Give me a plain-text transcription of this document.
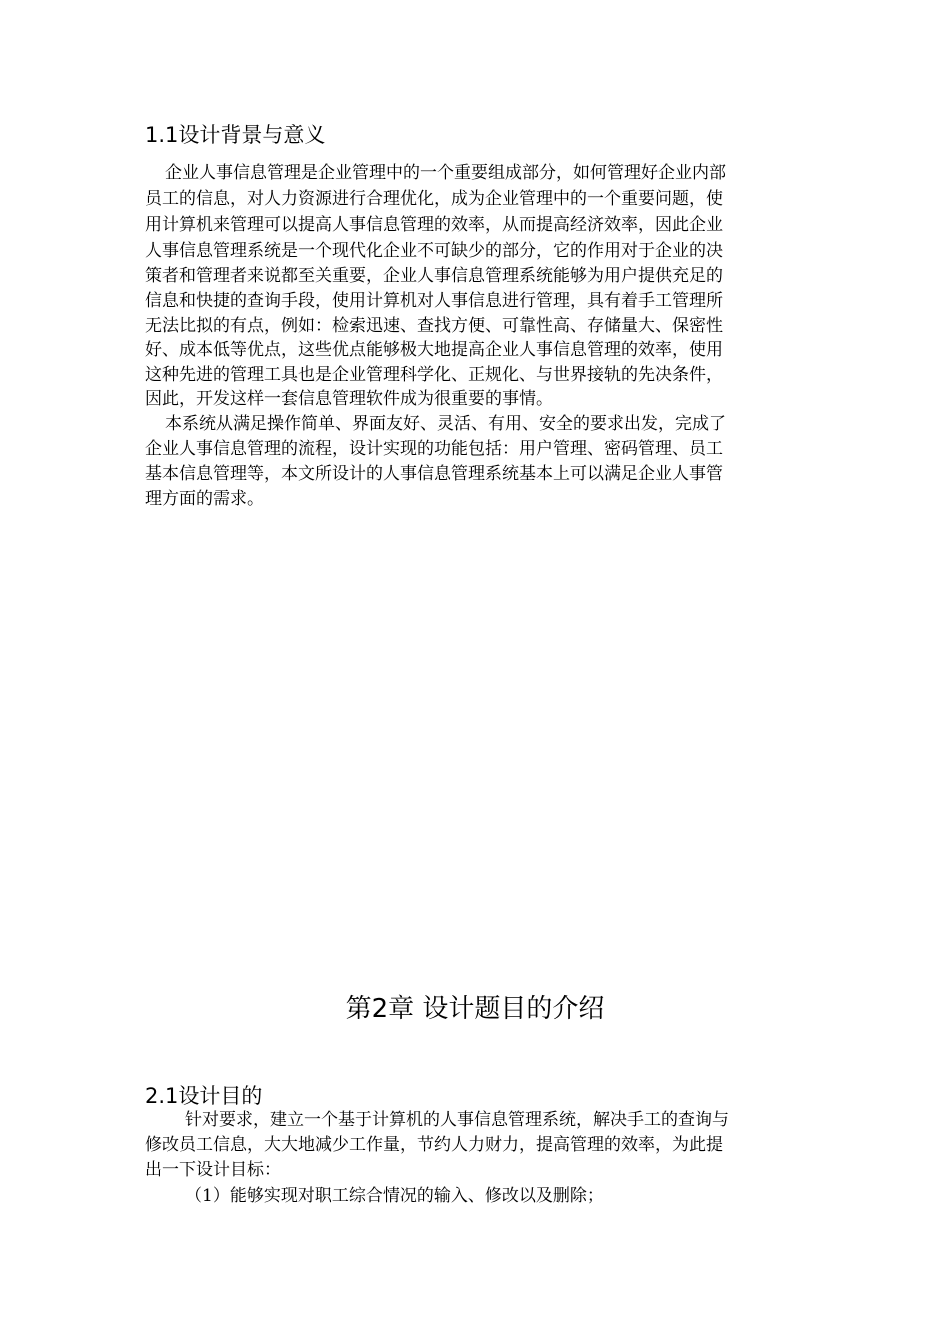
1.1设计背景与意义
企业人事信息管理是企业管理中的一个重要组成部分，如何管理好企业内部
员工的信息，对人力资源进行合理优化，成为企业管理中的一个重要问题，使
用计算机来管理可以提高人事信息管理的效率，从而提高经济效率，因此企业
人事信息管理系统是一个现代化企业不可缺少的部分，它的作用对于企业的决
策者和管理者来说都至关重要，企业人事信息管理系统能够为用户提供充足的
信息和快捷的查询手段，使用计算机对人事信息进行管理，具有着手工管理所
无法比拟的有点，例如：检索迅速、查找方便、可靠性高、存储量大、保密性
好、成本低等优点，这些优点能够极大地提高企业人事信息管理的效率，使用
这种先进的管理工具也是企业管理科学化、正规化、与世界接轨的先决条件，
因此，开发这样一套信息管理软件成为很重要的事情。
本系统从满足操作简单、界面友好、灵活、有用、安全的要求出发，完成了
企业人事信息管理的流程，设计实现的功能包括：用户管理、密码管理、员工
基本信息管理等，本文所设计的人事信息管理系统基本上可以满足企业人事管
理方面的需求。
第2章 设计题目的介绍
2.1设计目的
针对要求，建立一个基于计算机的人事信息管理系统，解决手工的查询与
修改员工信息，大大地减少工作量，节约人力财力，提高管理的效率，为此提
出一下设计目标：
（1）能够实现对职工综合情况的输入、修改以及删除；
